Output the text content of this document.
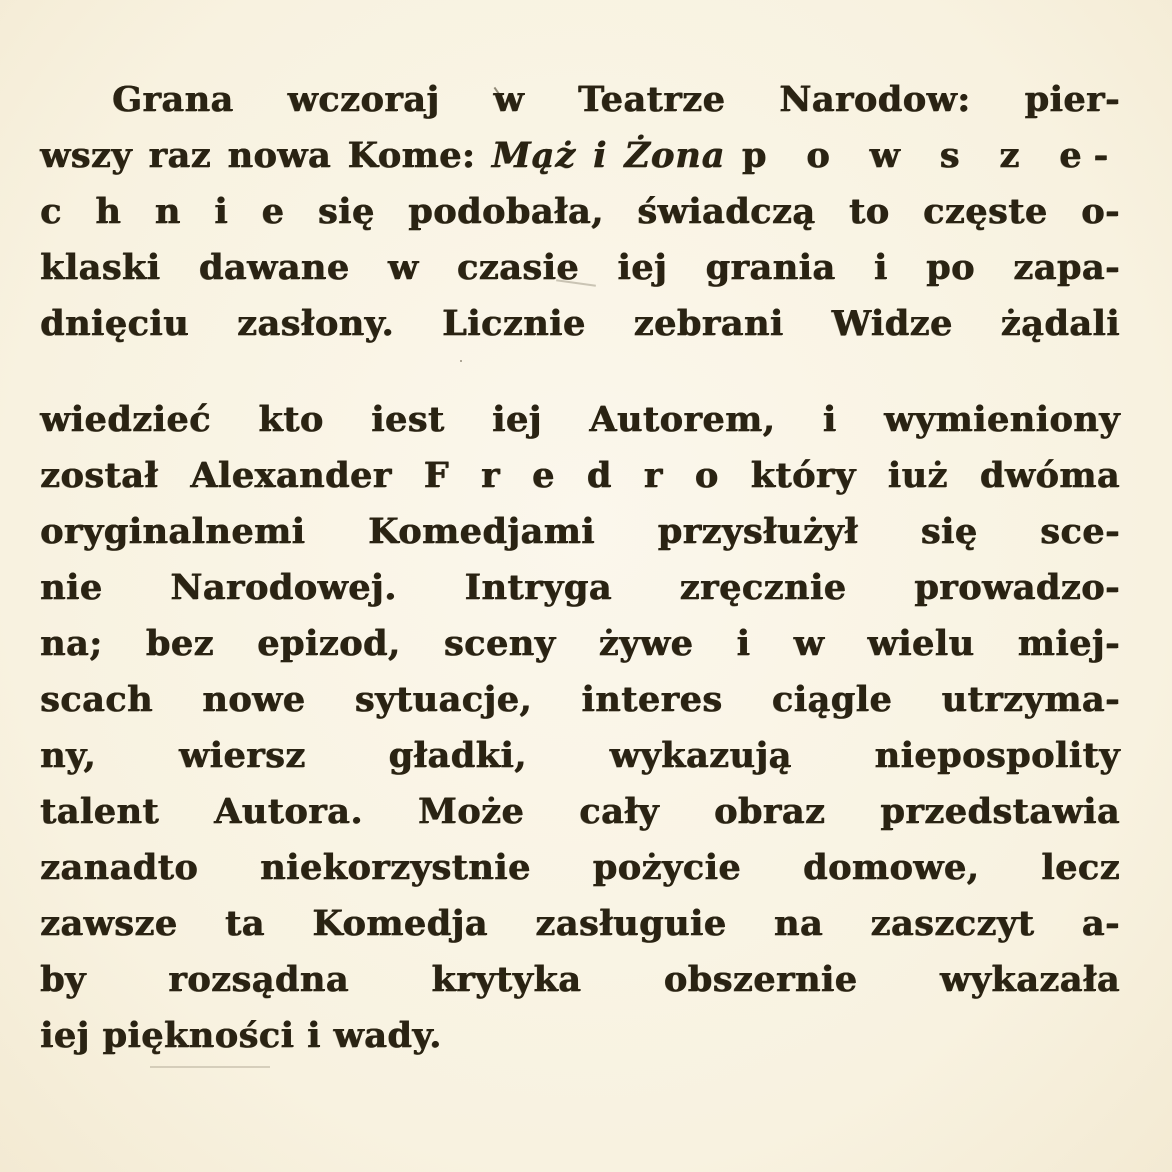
Grana wczoraj w Teatrze Narodow: pier-
wszy raz nowa Kome: Mąż i Żona p o w s z e-
c h n i e się podobała, świadczą to częste o-
klaski dawane w czasie iej grania i po zapa-
dnięciu zasłony. Licznie zebrani Widze żądali
wiedzieć kto iest iej Autorem, i wymieniony
został Alexander F r e d r o który iuż dwóma
oryginalnemi Komedjami przysłużył się sce-
nie Narodowej. Intryga zręcznie prowadzo-
na; bez epizod, sceny żywe i w wielu miej-
scach nowe sytuacje, interes ciągle utrzyma-
ny, wiersz gładki, wykazują niepospolity
talent Autora. Może cały obraz przedstawia
zanadto niekorzystnie pożycie domowe, lecz
zawsze ta Komedja zasługuie na zaszczyt a-
by rozsądna krytyka obszernie wykazała
iej piękności i wady.
